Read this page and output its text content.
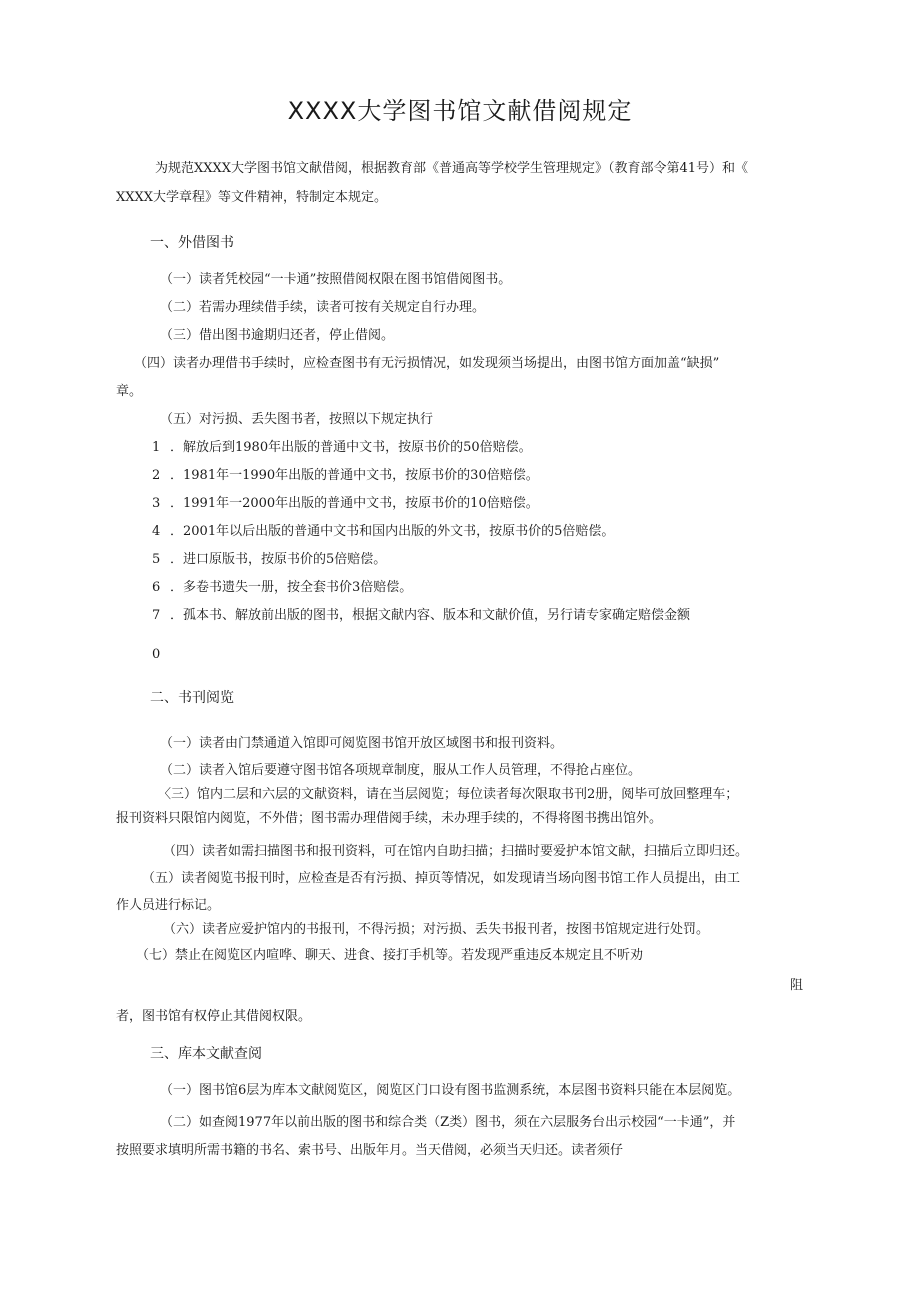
XXXX大学图书馆文献借阅规定
为规范XXXX大学图书馆文献借阅，根据教育部《普通高等学校学生管理规定》（教育部令第41号）和《
XXXX大学章程》等文件精神，特制定本规定。
一、外借图书
（一）读者凭校园“一卡通”按照借阅权限在图书馆借阅图书。
（二）若需办理续借手续，读者可按有关规定自行办理。
（三）借出图书逾期归还者，停止借阅。
（四）读者办理借书手续时，应检查图书有无污损情况，如发现须当场提出，由图书馆方面加盖“缺损”
章。
（五）对污损、丢失图书者，按照以下规定执行
1 ．解放后到1980年出版的普通中文书，按原书价的50倍赔偿。
2 ．1981年一1990年出版的普通中文书，按原书价的30倍赔偿。
3 ．1991年一2000年出版的普通中文书，按原书价的10倍赔偿。
4 ．2001年以后出版的普通中文书和国内出版的外文书，按原书价的5倍赔偿。
5 ．进口原版书，按原书价的5倍赔偿。
6 ．多卷书遗失一册，按全套书价3倍赔偿。
7 ．孤本书、解放前出版的图书，根据文献内容、版本和文献价值，另行请专家确定赔偿金额
0
二、书刊阅览
（一）读者由门禁通道入馆即可阅览图书馆开放区域图书和报刊资料。
（二）读者入馆后要遵守图书馆各项规章制度，服从工作人员管理，不得抢占座位。
〈三）馆内二层和六层的文献资料，请在当层阅览；每位读者每次限取书刊2册，阅毕可放回整理车；
报刊资料只限馆内阅览，不外借；图书需办理借阅手续，未办理手续的，不得将图书携出馆外。
（四）读者如需扫描图书和报刊资料，可在馆内自助扫描；扫描时要爱护本馆文献，扫描后立即归还。
（五）读者阅览书报刊时，应检查是否有污损、掉页等情况，如发现请当场向图书馆工作人员提出，由工
作人员进行标记。
（六）读者应爱护馆内的书报刊，不得污损；对污损、丢失书报刊者，按图书馆规定进行处罚。
（七）禁止在阅览区内喧哗、聊天、进食、接打手机等。若发现严重违反本规定且不听劝
阻
者，图书馆有权停止其借阅权限。
三、库本文献查阅
（一）图书馆6层为库本文献阅览区，阅览区门口设有图书监测系统，本层图书资料只能在本层阅览。
（二）如查阅1977年以前出版的图书和综合类（Z类）图书，须在六层服务台出示校园“一卡通”，并
按照要求填明所需书籍的书名、索书号、出版年月。当天借阅，必须当天归还。读者须仔
